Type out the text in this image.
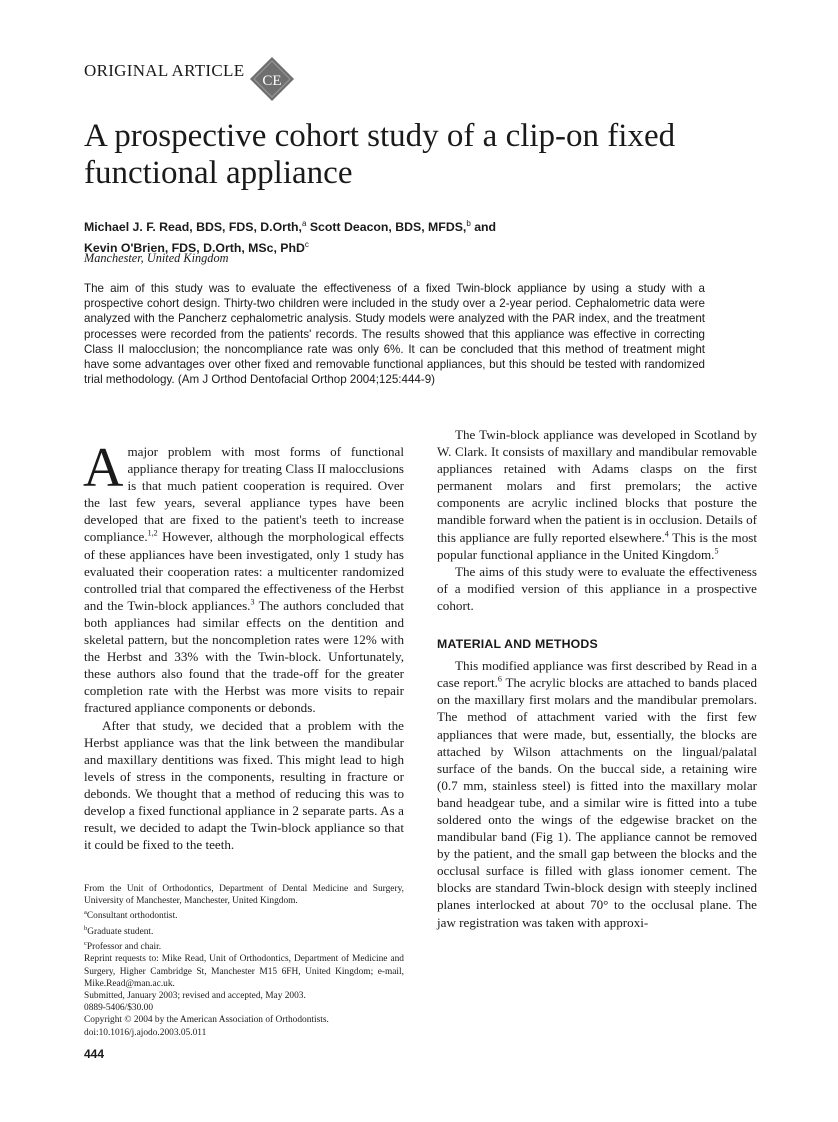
ORIGINAL ARTICLE
CE
A prospective cohort study of a clip-on fixed functional appliance
Michael J. F. Read, BDS, FDS, D.Orth,$^a$ Scott Deacon, BDS, MFDS,$^b$ and
Kevin O'Brien, FDS, D.Orth, MSc, PhD$^c$
Manchester, United Kingdom

The aim of this study was to evaluate the effectiveness of a fixed Twin-block appliance by using a study with a prospective cohort design. Thirty-two children were included in the study over a 2-year period. Cephalometric data were analyzed with the Pancherz cephalometric analysis. Study models were analyzed with the PAR index, and the treatment processes were recorded from the patients' records. The results showed that this appliance was effective in correcting Class II malocclusion; the noncompliance rate was only 6%. It can be concluded that this method of treatment might have some advantages over other fixed and removable functional appliances, but this should be tested with randomized trial methodology. (Am J Orthod Dentofacial Orthop 2004;125:444-9)

A major problem with most forms of functional appliance therapy for treating Class II malocclusions is that much patient cooperation is required. Over the last few years, several appliance types have been developed that are fixed to the patient's teeth to increase compliance.$^{1,2}$ However, although the morphological effects of these appliances have been investigated, only 1 study has evaluated their cooperation rates: a multicenter randomized controlled trial that compared the effectiveness of the Herbst and the Twin-block appliances.$^3$ The authors concluded that both appliances had similar effects on the dentition and skeletal pattern, but the noncompletion rates were 12% with the Herbst and 33% with the Twin-block. Unfortunately, these authors also found that the trade-off for the greater completion rate with the Herbst was more visits to repair fractured appliance components or debonds.

After that study, we decided that a problem with the Herbst appliance was that the link between the mandibular and maxillary dentitions was fixed. This might lead to high levels of stress in the components, resulting in fracture or debonds. We thought that a method of reducing this was to develop a fixed functional appliance in 2 separate parts. As a result, we decided to adapt the Twin-block appliance so that it could be fixed to the teeth.

The Twin-block appliance was developed in Scotland by W. Clark. It consists of maxillary and mandibular removable appliances retained with Adams clasps on the first permanent molars and first premolars; the active components are acrylic inclined blocks that posture the mandible forward when the patient is in occlusion. Details of this appliance are fully reported elsewhere.$^4$ This is the most popular functional appliance in the United Kingdom.$^5$

The aims of this study were to evaluate the effectiveness of a modified version of this appliance in a prospective cohort.

MATERIAL AND METHODS

This modified appliance was first described by Read in a case report.$^6$ The acrylic blocks are attached to bands placed on the maxillary first molars and the mandibular premolars. The method of attachment varied with the first few appliances that were made, but, essentially, the blocks are attached by Wilson attachments on the lingual/palatal surface of the bands. On the buccal side, a retaining wire (0.7 mm, stainless steel) is fitted into the maxillary molar band headgear tube, and a similar wire is fitted into a tube soldered onto the wings of the edgewise bracket on the mandibular band (Fig 1). The appliance cannot be removed by the patient, and the small gap between the blocks and the occlusal surface is filled with glass ionomer cement. The blocks are standard Twin-block design with steeply inclined planes interlocked at about 70° to the occlusal plane. The jaw registration was taken with approxi-

From the Unit of Orthodontics, Department of Dental Medicine and Surgery, University of Manchester, Manchester, United Kingdom.
$^a$Consultant orthodontist.
$^b$Graduate student.
$^c$Professor and chair.
Reprint requests to: Mike Read, Unit of Orthodontics, Department of Medicine and Surgery, Higher Cambridge St, Manchester M15 6FH, United Kingdom; e-mail, Mike.Read@man.ac.uk.
Submitted, January 2003; revised and accepted, May 2003.
0889-5406/$30.00
Copyright © 2004 by the American Association of Orthodontists.
doi:10.1016/j.ajodo.2003.05.011
444
